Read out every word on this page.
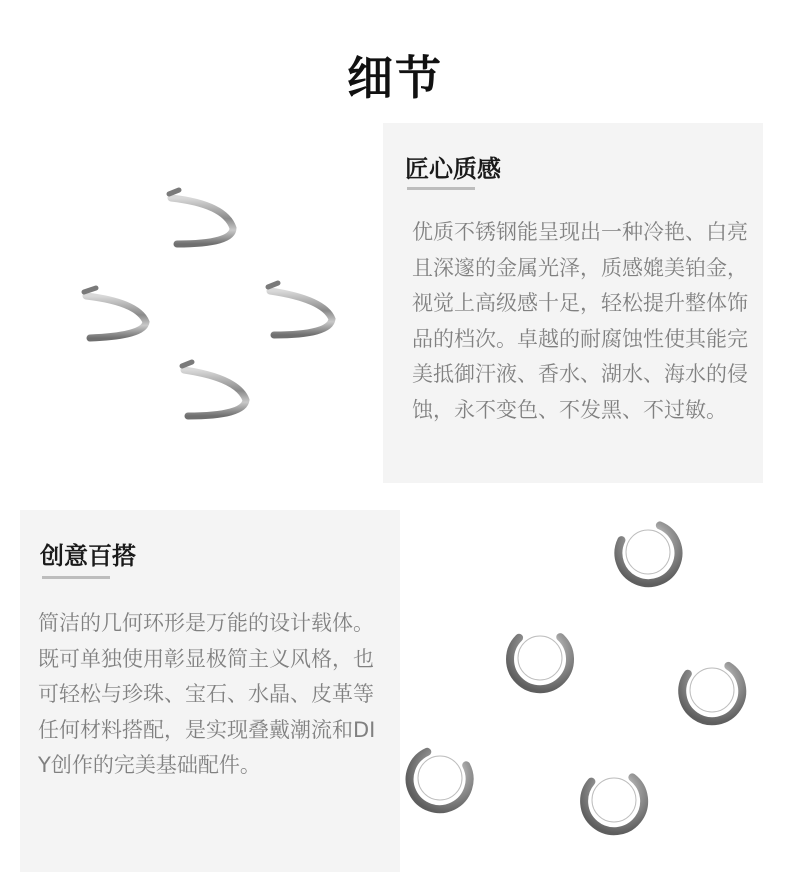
细节
匠心质感
优质不锈钢能呈现出一种冷艳、白亮且深邃的金属光泽，质感媲美铂金，视觉上高级感十足，轻松提升整体饰品的档次。卓越的耐腐蚀性使其能完美抵御汗液、香水、湖水、海水的侵蚀，永不变色、不发黑、不过敏。
创意百搭
简洁的几何环形是万能的设计载体。既可单独使用彰显极简主义风格，也可轻松与珍珠、宝石、水晶、皮革等任何材料搭配，是实现叠戴潮流和DIY创作的完美基础配件。
